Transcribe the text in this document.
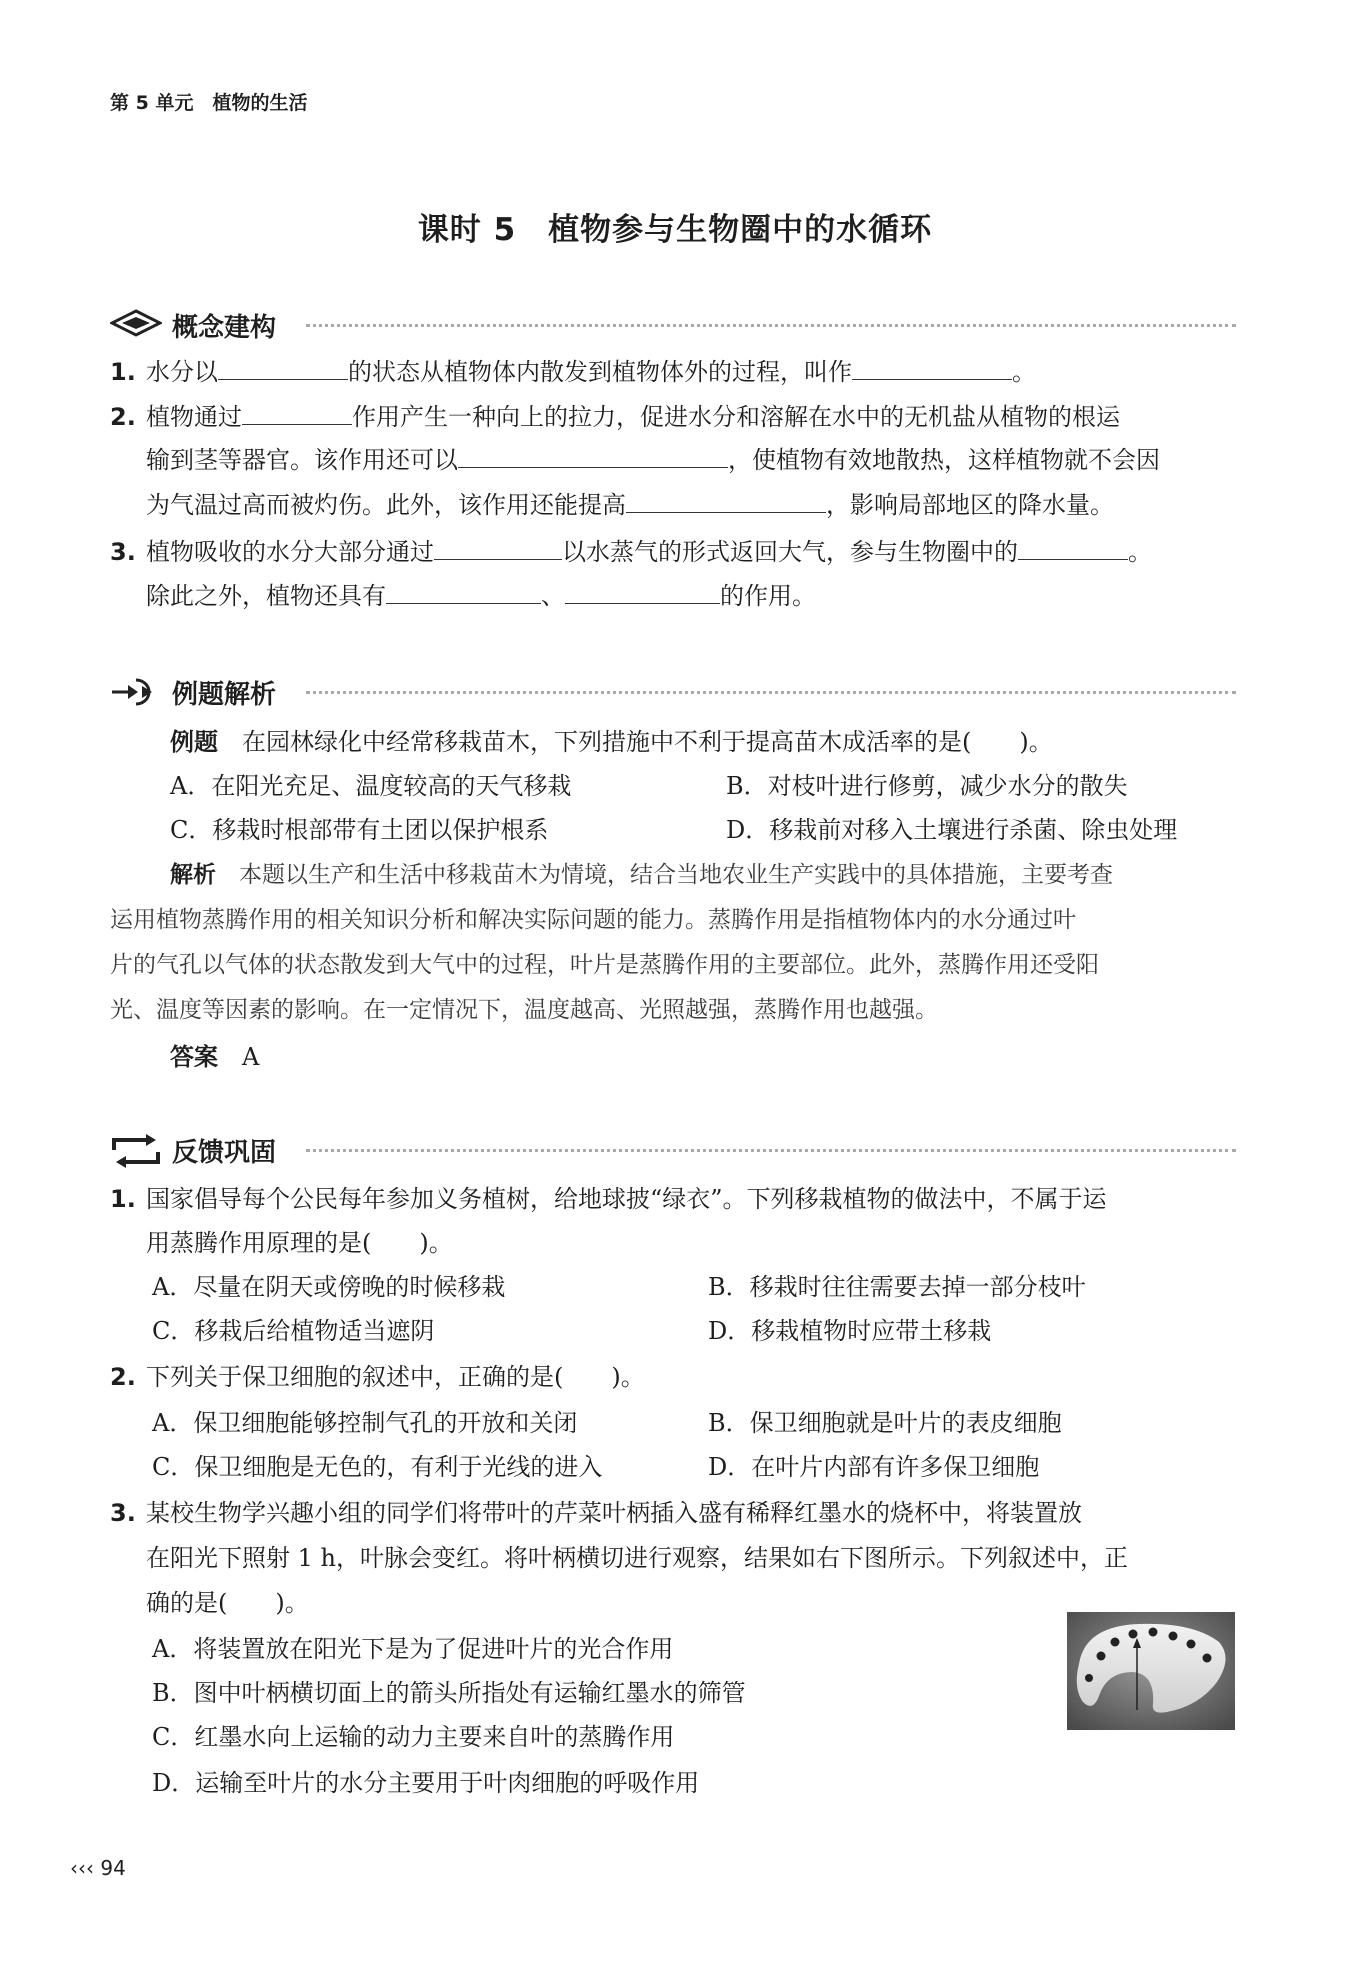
第 5 单元　植物的生活
课时 5　植物参与生物圈中的水循环
概念建构
1. 水分以	的状态从植物体内散发到植物体外的过程，叫作	。
2. 植物通过	作用产生一种向上的拉力，促进水分和溶解在水中的无机盐从植物的根运
输到茎等器官。该作用还可以	，使植物有效地散热，这样植物就不会因
为气温过高而被灼伤。此外，该作用还能提高	，影响局部地区的降水量。
3. 植物吸收的水分大部分通过	以水蒸气的形式返回大气，参与生物圈中的	。
除此之外，植物还具有	、	的作用。
例题解析
例题　 在园林绿化中经常移栽苗木，下列措施中不利于提高苗木成活率的是(　　)。
A．在阳光充足、温度较高的天气移栽	B．对枝叶进行修剪，减少水分的散失
C．移栽时根部带有土团以保护根系	D．移栽前对移入土壤进行杀菌、除虫处理
解析　 本题以生产和生活中移栽苗木为情境，结合当地农业生产实践中的具体措施，主要考查
运用植物蒸腾作用的相关知识分析和解决实际问题的能力。蒸腾作用是指植物体内的水分通过叶
片的气孔以气体的状态散发到大气中的过程，叶片是蒸腾作用的主要部位。此外，蒸腾作用还受阳
光、温度等因素的影响。在一定情况下，温度越高、光照越强，蒸腾作用也越强。
答案　 A
反馈巩固
1. 国家倡导每个公民每年参加义务植树，给地球披“绿衣”。下列移栽植物的做法中，不属于运
用蒸腾作用原理的是(　　)。
A．尽量在阴天或傍晚的时候移栽	B．移栽时往往需要去掉一部分枝叶
C．移栽后给植物适当遮阴	D．移栽植物时应带土移栽
2. 下列关于保卫细胞的叙述中，正确的是(　　)。
A．保卫细胞能够控制气孔的开放和关闭	B．保卫细胞就是叶片的表皮细胞
C．保卫细胞是无色的，有利于光线的进入	D．在叶片内部有许多保卫细胞
3. 某校生物学兴趣小组的同学们将带叶的芹菜叶柄插入盛有稀释红墨水的烧杯中，将装置放
在阳光下照射 1 h，叶脉会变红。将叶柄横切进行观察，结果如右下图所示。下列叙述中，正
确的是(　　)。
A．将装置放在阳光下是为了促进叶片的光合作用
B．图中叶柄横切面上的箭头所指处有运输红墨水的筛管
C．红墨水向上运输的动力主要来自叶的蒸腾作用
D．运输至叶片的水分主要用于叶肉细胞的呼吸作用
‹‹‹ 94
